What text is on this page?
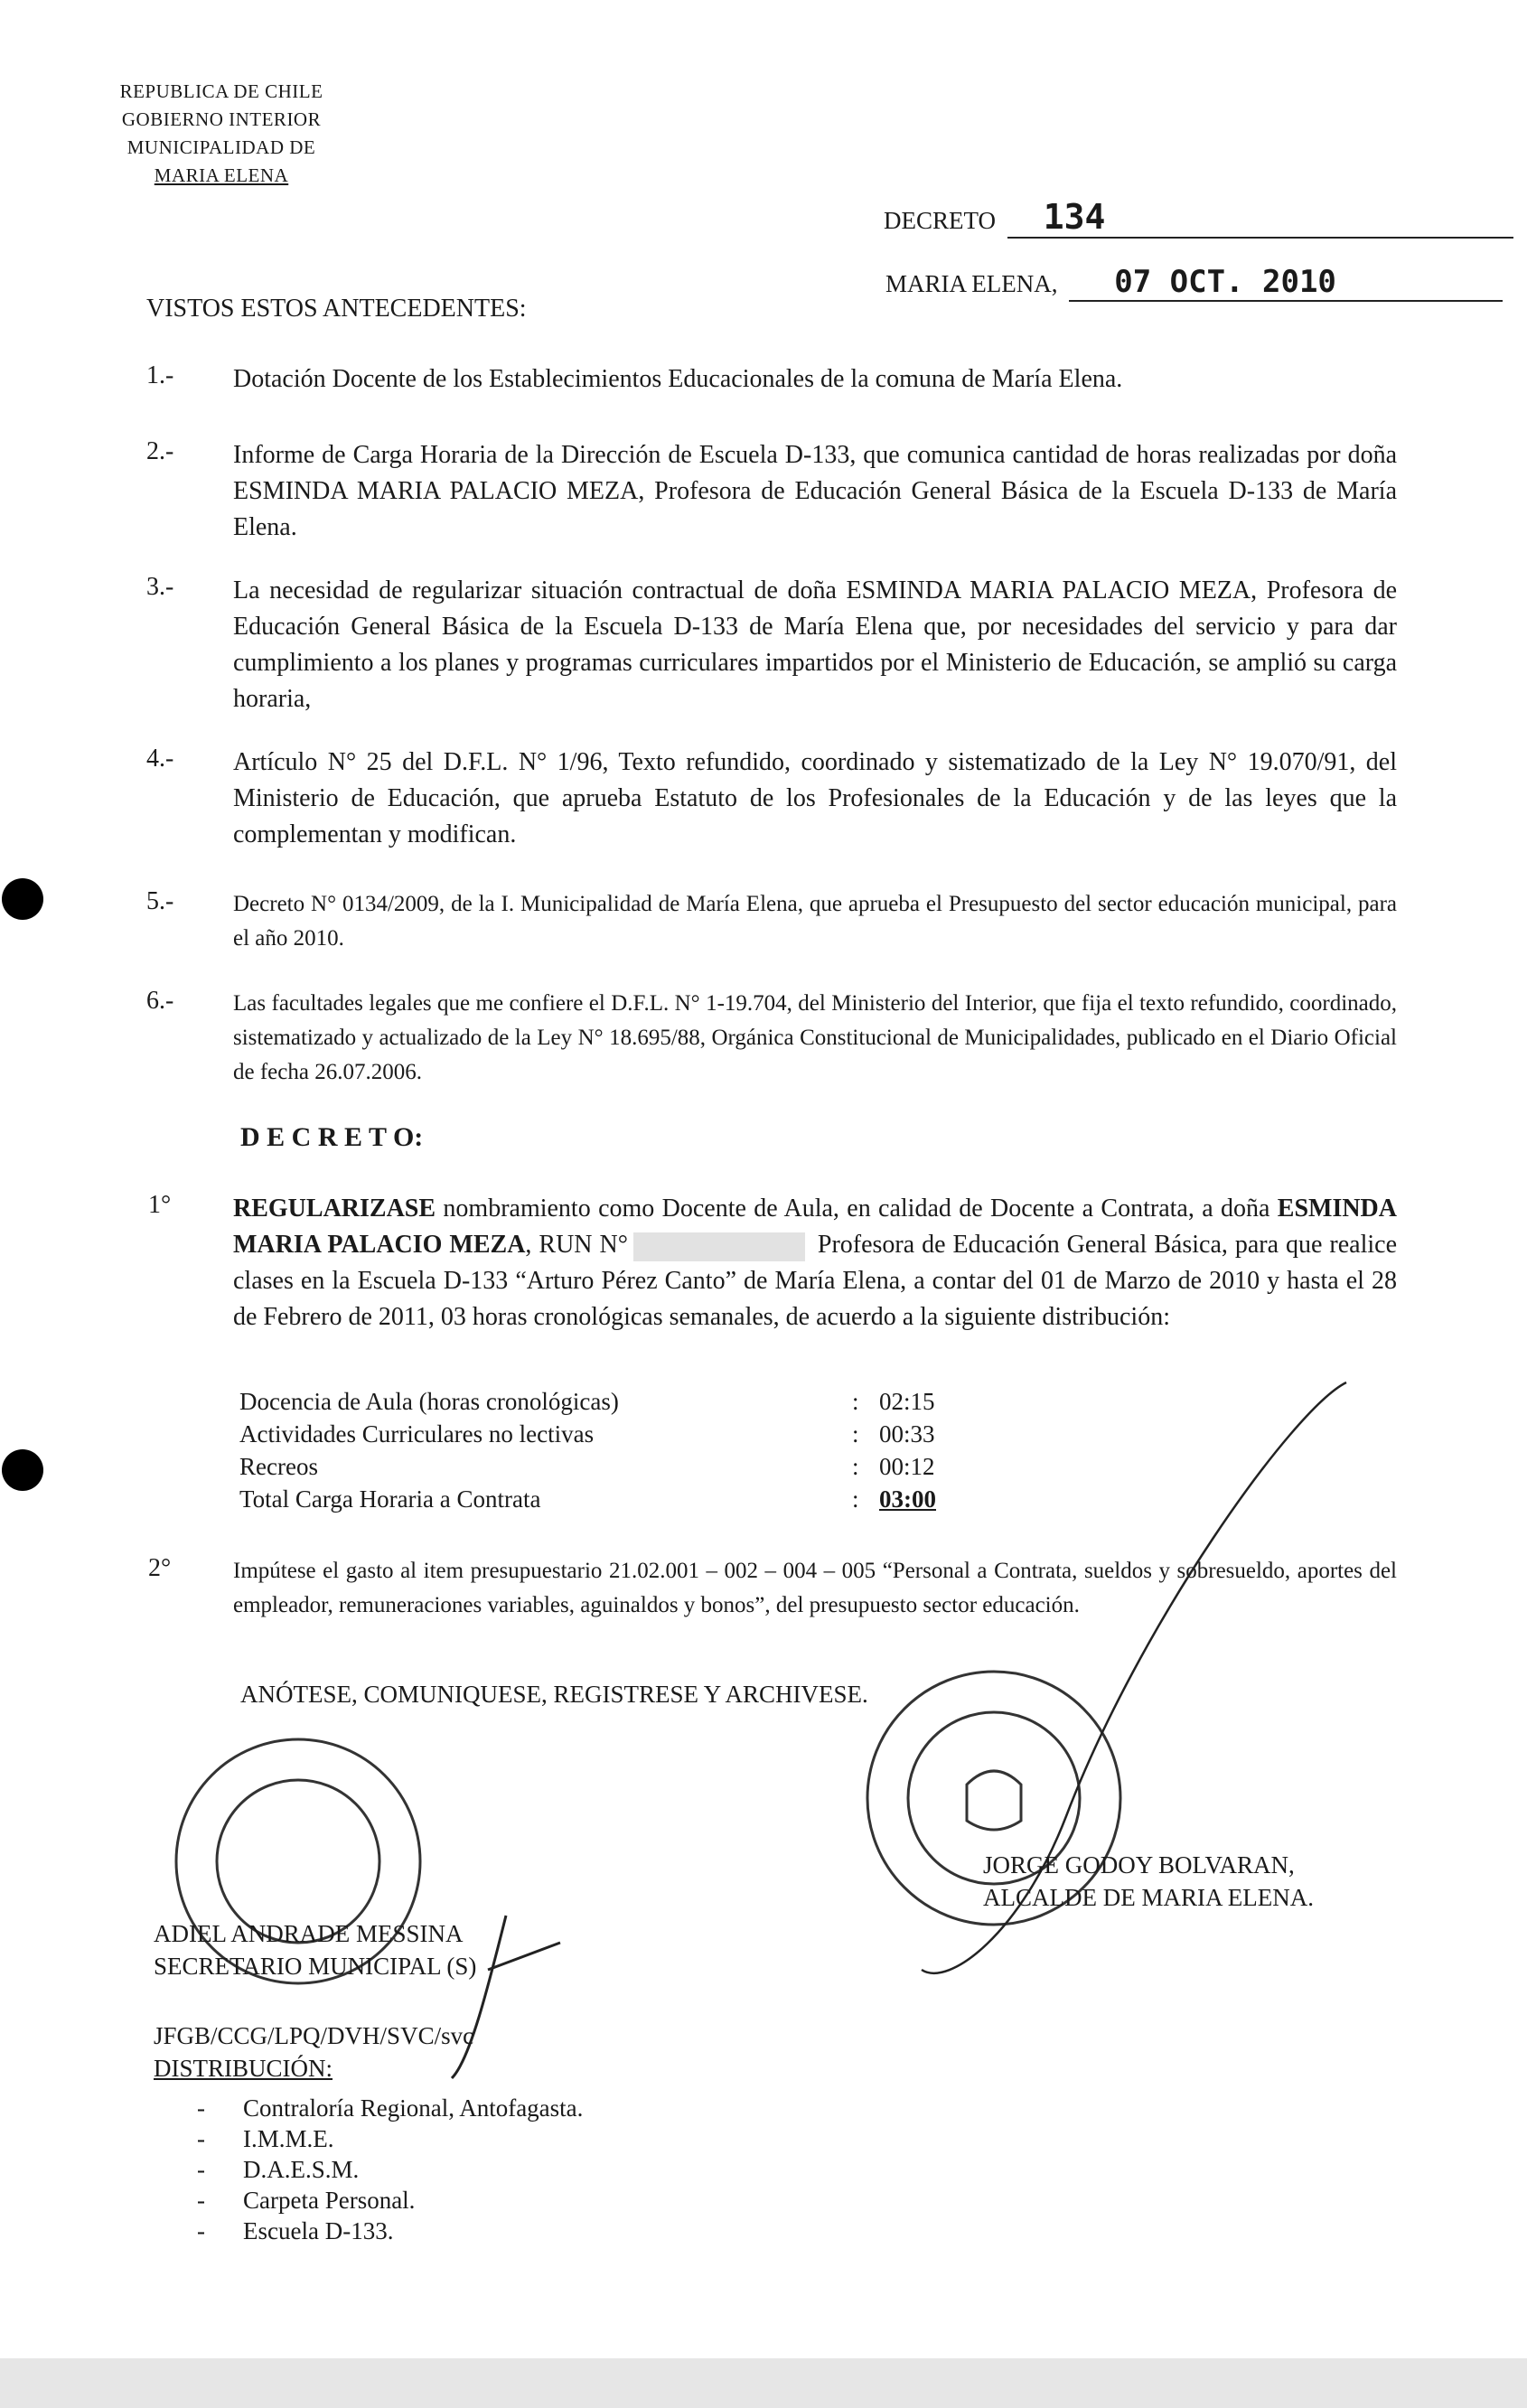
REPUBLICA DE CHILE
GOBIERNO INTERIOR
MUNICIPALIDAD DE
MARIA ELENA
DECRETO 134
MARIA ELENA, 07 OCT. 2010
VISTOS ESTOS ANTECEDENTES:
1.- Dotación Docente de los Establecimientos Educacionales de la comuna de María Elena.
2.- Informe de Carga Horaria de la Dirección de Escuela D-133, que comunica cantidad de horas realizadas por doña ESMINDA MARIA PALACIO MEZA, Profesora de Educación General Básica de la Escuela D-133 de María Elena.
3.- La necesidad de regularizar situación contractual de doña ESMINDA MARIA PALACIO MEZA, Profesora de Educación General Básica de la Escuela D-133 de María Elena que, por necesidades del servicio y para dar cumplimiento a los planes y programas curriculares impartidos por el Ministerio de Educación, se amplió su carga horaria,
4.- Artículo N° 25 del D.F.L. N° 1/96, Texto refundido, coordinado y sistematizado de la Ley N° 19.070/91, del Ministerio de Educación, que aprueba Estatuto de los Profesionales de la Educación y de las leyes que la complementan y modifican.
5.-	Decreto N° 0134/2009, de la I. Municipalidad de María Elena, que aprueba el Presupuesto del sector educación municipal, para el año 2010.
6.-	Las facultades legales que me confiere el D.F.L. N° 1-19.704, del Ministerio del Interior, que fija el texto refundido, coordinado, sistematizado y actualizado de la Ley N° 18.695/88, Orgánica Constitucional de Municipalidades, publicado en el Diario Oficial de fecha 26.07.2006.
D E C R E T O:
1° REGULARIZASE nombramiento como Docente de Aula, en calidad de Docente a Contrata, a doña ESMINDA MARIA PALACIO MEZA, RUN N°	Profesora de Educación General Básica, para que realice clases en la Escuela D-133 “Arturo Pérez Canto” de María Elena, a contar del 01 de Marzo de 2010 y hasta el 28 de Febrero de 2011, 03 horas cronológicas semanales, de acuerdo a la siguiente distribución:
Docencia de Aula (horas cronológicas)	: 02:15
Actividades Curriculares no lectivas	: 00:33
Recreos	: 00:12
Total Carga Horaria a Contrata	: 03:00
2°	Impútese el gasto al item presupuestario 21.02.001 – 002 – 004 – 005 “Personal a Contrata, sueldos y sobresueldo, aportes del empleador, remuneraciones variables, aguinaldos y bonos”, del presupuesto sector educación.
ANÓTESE, COMUNIQUESE, REGISTRESE Y ARCHIVESE.
JORGE GODOY BOLVARAN,
ALCALDE DE MARIA ELENA.
ADIEL ANDRADE MESSINA
SECRETARIO MUNICIPAL (S)
JFGB/CCG/LPQ/DVH/SVC/svc
DISTRIBUCIÓN:
-	Contraloría Regional, Antofagasta.
-	I.M.M.E.
-	D.A.E.S.M.
-	Carpeta Personal.
-	Escuela D-133.
